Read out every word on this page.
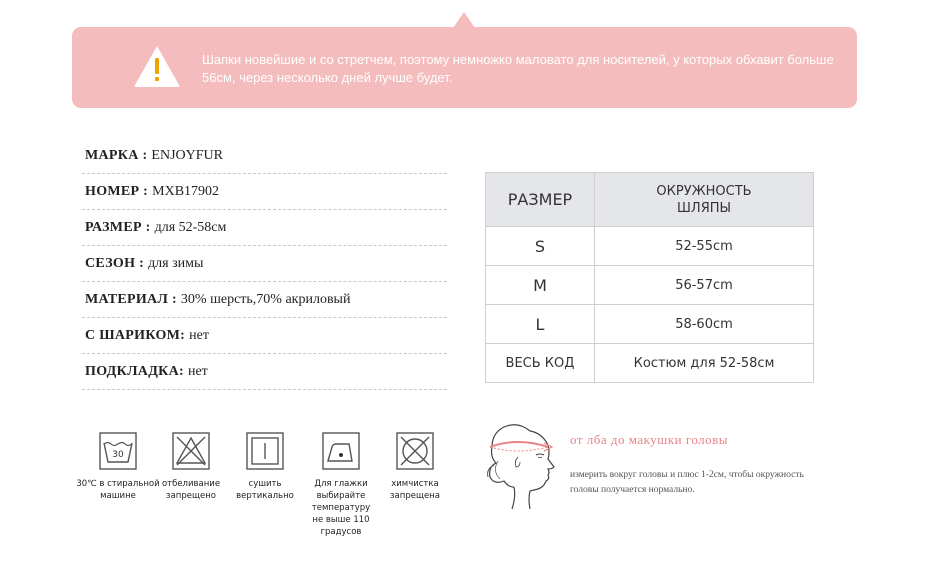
Шапки новейшие и со стретчем, поэтому немножко маловато для носителей, у которых обхавит больше 56см, через несколько дней лучше будет.
МАРКА : ENJOYFUR
НОМЕР : MXB17902
РАЗМЕР : для 52-58см
СЕЗОН : для зимы
МАТЕРИАЛ : 30% шерсть,70% акриловый
С ШАРИКОМ: нет
ПОДКЛАДКА: нет
РАЗМЕР	ОКРУЖНОСТЬ
ШЛЯПЫ

S	52-55cm
M	56-57cm
L	58-60cm
ВЕСЬ КОД	Костюм для 52-58см
30
30℃ в стиральной
машине
отбеливание
запрещено
сушить
вертикально
Для глажки
выбирайте
температуру
не выше 110 градусов
химчистка
запрещена
от лба до макушки головы
измерить вокруг головы и плюс 1-2см, чтобы окружность
головы получается нормально.
